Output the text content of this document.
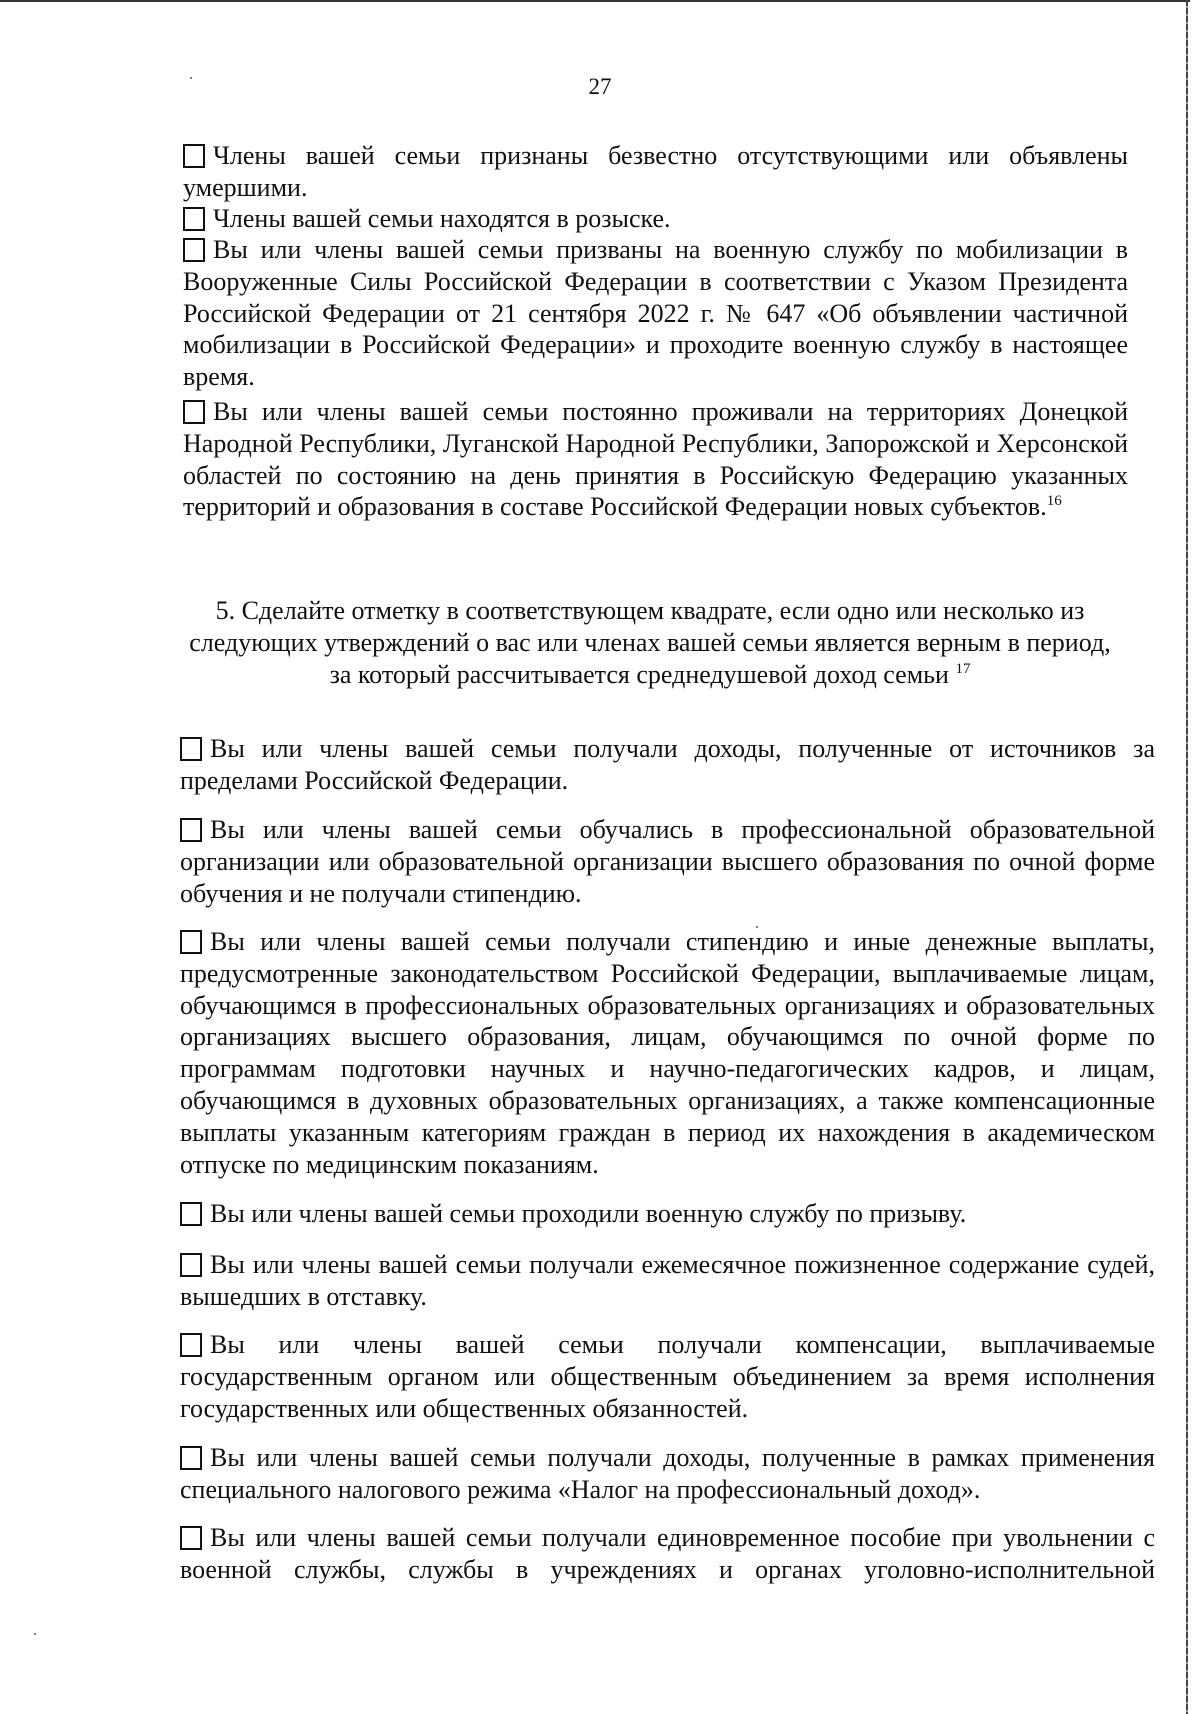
27

Члены вашей семьи признаны безвестно отсутствующими или объявлены умершими.

Члены вашей семьи находятся в розыске.

Вы или члены вашей семьи призваны на военную службу по мобилизации в Вооруженные Силы Российской Федерации в соответствии с Указом Президента Российской Федерации от 21 сентября 2022 г. № 647 «Об объявлении частичной мобилизации в Российской Федерации» и проходите военную службу в настоящее время.

Вы или члены вашей семьи постоянно проживали на территориях Донецкой Народной Республики, Луганской Народной Республики, Запорожской и Херсонской областей по состоянию на день принятия в Российскую Федерацию указанных территорий и образования в составе Российской Федерации новых субъектов.$^{16}$

5. Сделайте отметку в соответствующем квадрате, если одно или несколько из следующих утверждений о вас или членах вашей семьи является верным в период, за который рассчитывается среднедушевой доход семьи $^{17}$

Вы или члены вашей семьи получали доходы, полученные от источников за пределами Российской Федерации.

Вы или члены вашей семьи обучались в профессиональной образовательной организации или образовательной организации высшего образования по очной форме обучения и не получали стипендию.

Вы или члены вашей семьи получали стипендию и иные денежные выплаты, предусмотренные законодательством Российской Федерации, выплачиваемые лицам, обучающимся в профессиональных образовательных организациях и образовательных организациях высшего образования, лицам, обучающимся по очной форме по программам подготовки научных и научно-педагогических кадров, и лицам, обучающимся в духовных образовательных организациях, а также компенсационные выплаты указанным категориям граждан в период их нахождения в академическом отпуске по медицинским показаниям.

Вы или члены вашей семьи проходили военную службу по призыву.

Вы или члены вашей семьи получали ежемесячное пожизненное содержание судей, вышедших в отставку.

Вы или члены вашей семьи получали компенсации, выплачиваемые государственным органом или общественным объединением за время исполнения государственных или общественных обязанностей.

Вы или члены вашей семьи получали доходы, полученные в рамках применения специального налогового режима «Налог на профессиональный доход».

Вы или члены вашей семьи получали единовременное пособие при увольнении с военной службы, службы в учреждениях и органах уголовно-исполнительной
